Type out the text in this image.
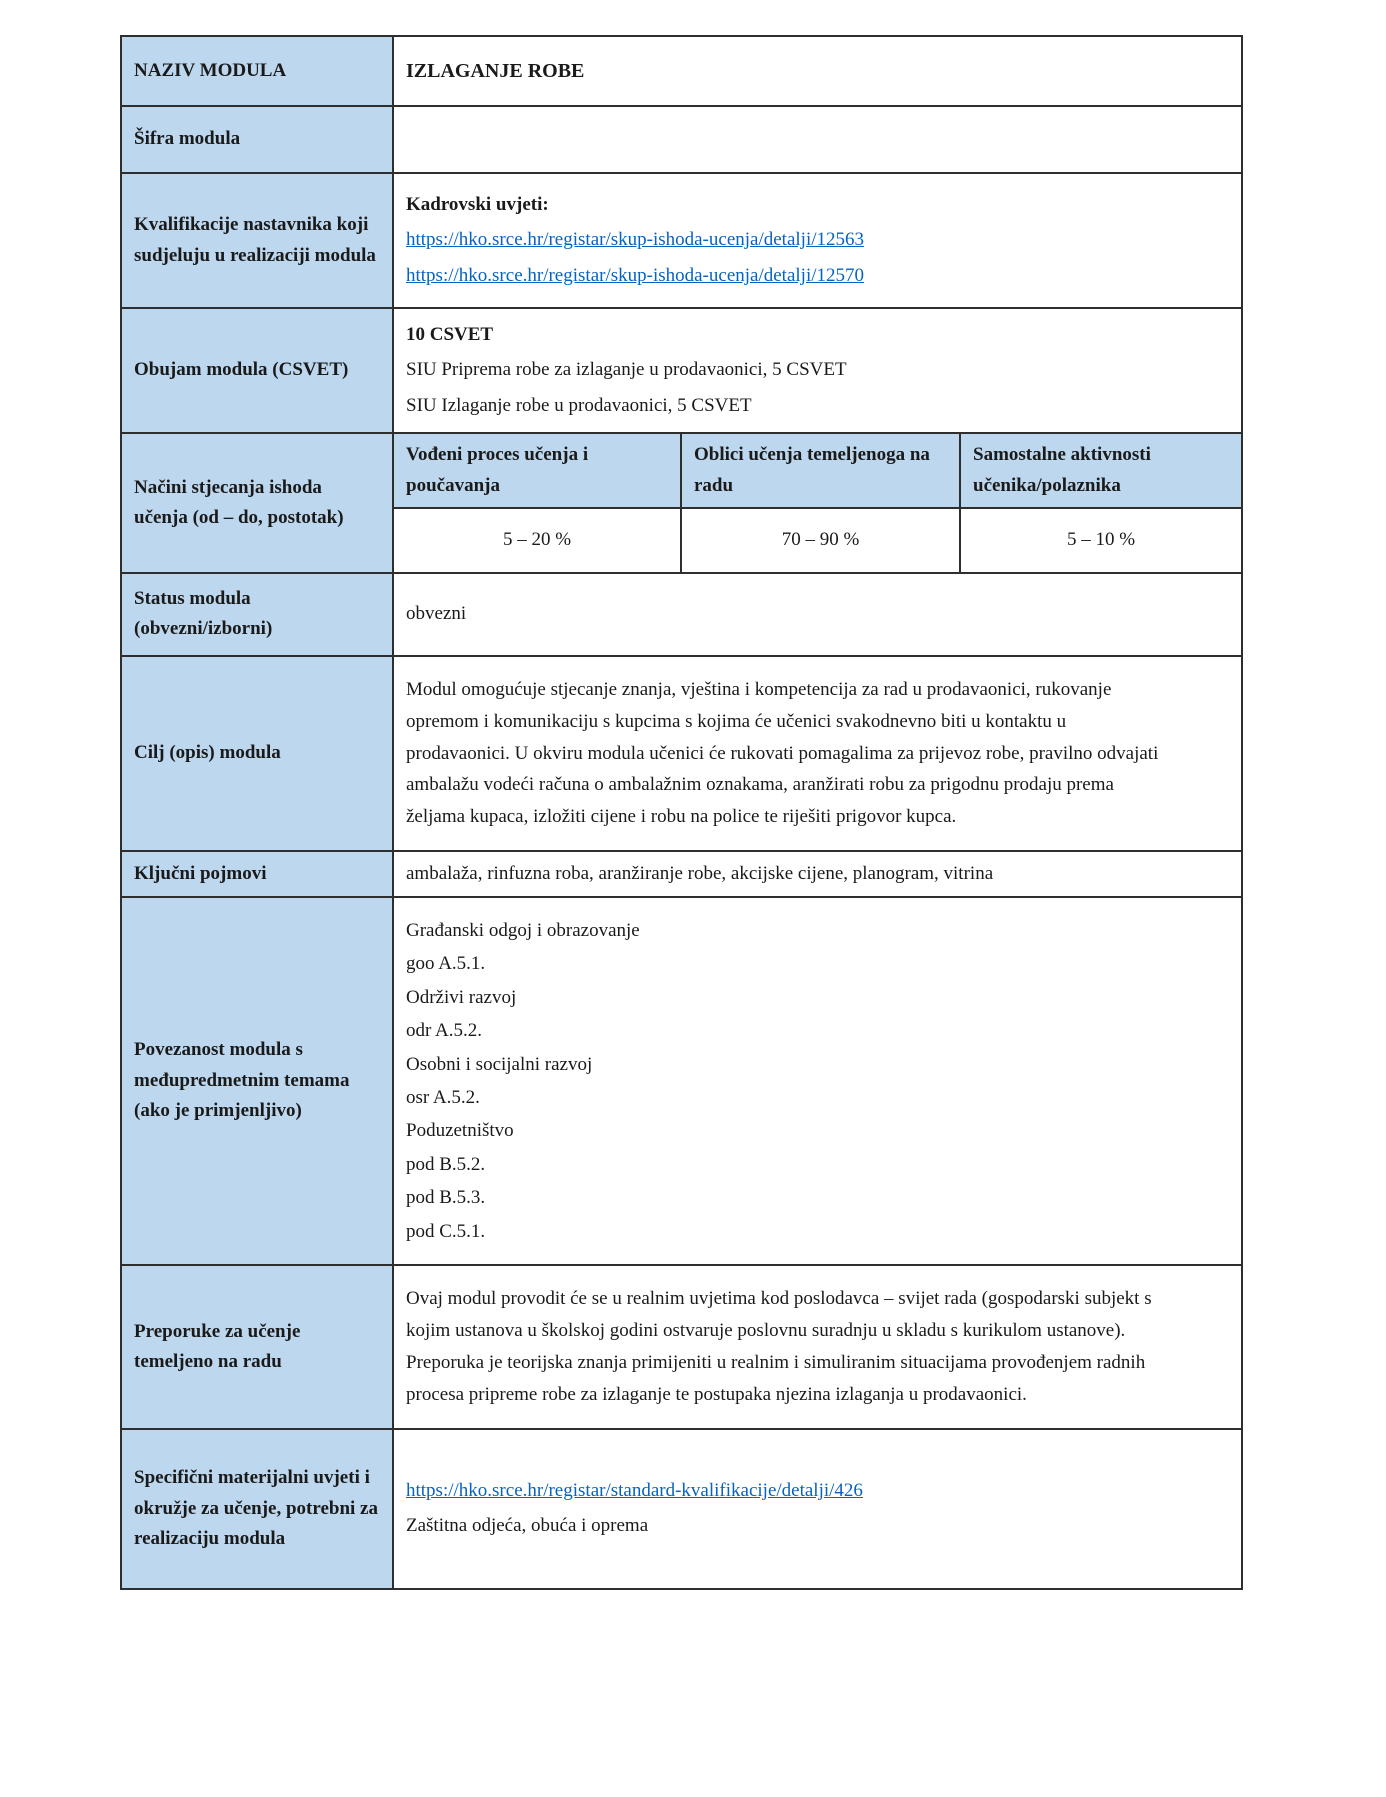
NAZIV MODULA	IZLAGANJE ROBE		
Šifra modula			
Kvalifikacije nastavnika koji sudjeluju u realizaciji modula	Kadrovski uvjeti:

https://hko.srce.hr/registar/skup-ishoda-ucenja/detalji/12563

https://hko.srce.hr/registar/skup-ishoda-ucenja/detalji/12570		

Obujam modula (CSVET)	10 CSVET

SIU Priprema robe za izlaganje u prodavaonici, 5 CSVET

SIU Izlaganje robe u prodavaonici, 5 CSVET		

Načini stjecanja ishoda učenja (od – do, postotak)	Vođeni proces učenja i poučavanja	Oblici učenja temeljenoga na radu	Samostalne aktivnosti učenika/polaznika
	5 – 20 %	70 – 90 %	5 – 10 %
Status modula (obvezni/izborni)	obvezni		
Cilj (opis) modula	Modul omogućuje stjecanje znanja, vještina i kompetencija za rad u prodavaonici, rukovanje opremom i komunikaciju s kupcima s kojima će učenici svakodnevno biti u kontaktu u prodavaonici. U okviru modula učenici će rukovati pomagalima za prijevoz robe, pravilno odvajati ambalažu vodeći računa o ambalažnim oznakama, aranžirati robu za prigodnu prodaju prema željama kupaca, izložiti cijene i robu na police te riješiti prigovor kupca.		

Ključni pojmovi	ambalaža, rinfuzna roba, aranžiranje robe, akcijske cijene, planogram, vitrina		
Povezanost modula s međupredmetnim temama (ako je primjenljivo)	

Građanski odgoj i obrazovanje

goo A.5.1.

Održivi razvoj

odr A.5.2.

Osobni i socijalni razvoj

osr A.5.2.

Poduzetništvo

pod B.5.2.

pod B.5.3.

pod C.5.1.

Preporuke za učenje temeljeno na radu	Ovaj modul provodit će se u realnim uvjetima kod poslodavca – svijet rada (gospodarski subjekt s kojim ustanova u školskoj godini ostvaruje poslovnu suradnju u skladu s kurikulom ustanove). Preporuka je teorijska znanja primijeniti u realnim i simuliranim situacijama provođenjem radnih procesa pripreme robe za izlaganje te postupaka njezina izlaganja u prodavaonici.		

Specifični materijalni uvjeti i okružje za učenje, potrebni za realizaciju modula	https://hko.srce.hr/registar/standard-kvalifikacije/detalji/426

Zaštitna odjeća, obuća i oprema		
